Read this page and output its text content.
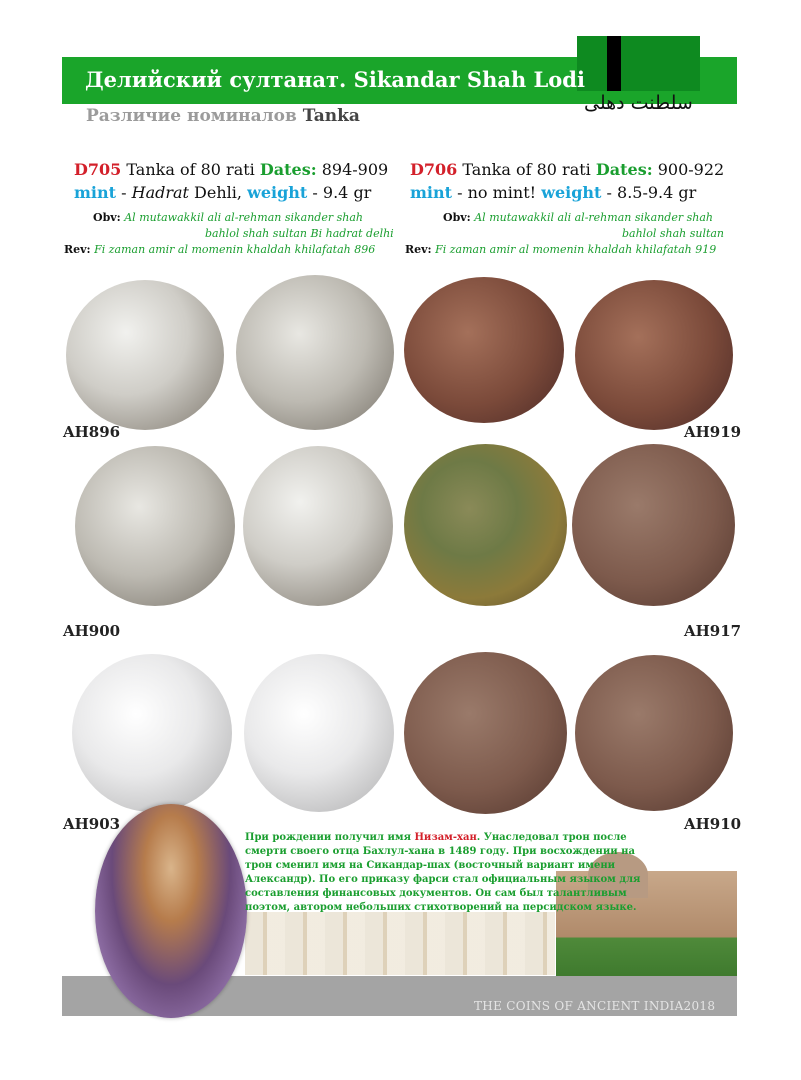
Делийский султанат. Sikandar Shah Lodi
سلطنت دهلی
Различие номиналов Tanka
D705 Tanka of 80 rati Dates: 894-909
mint - Hadrat Dehli, weight - 9.4 gr
Obv: Al mutawakkil ali al-rehman sikander shah
bahlol shah sultan Bi hadrat delhi
Rev: Fi zaman amir al momenin khaldah khilafatah 896
D706 Tanka of 80 rati Dates: 900-922
mint - no mint! weight - 8.5-9.4 gr
Obv: Al mutawakkil ali al-rehman sikander shah
bahlol shah sultan
Rev: Fi zaman amir al momenin khaldah khilafatah 919
AH896	AH919
AH900	AH917
AH903	AH910
При рождении получил имя Низам-хан. Унаследовал трон после смерти своего отца Бахлул-хана в 1489 году. При восхождении на трон сменил имя на Сикандар-шах (восточный вариант имени Александр). По его приказу фарси стал официальным языком для составления финансовых документов. Он сам был талантливым поэтом, автором небольших стихотворений на персидском языке.
THE COINS OF ANCIENT INDIA2018
